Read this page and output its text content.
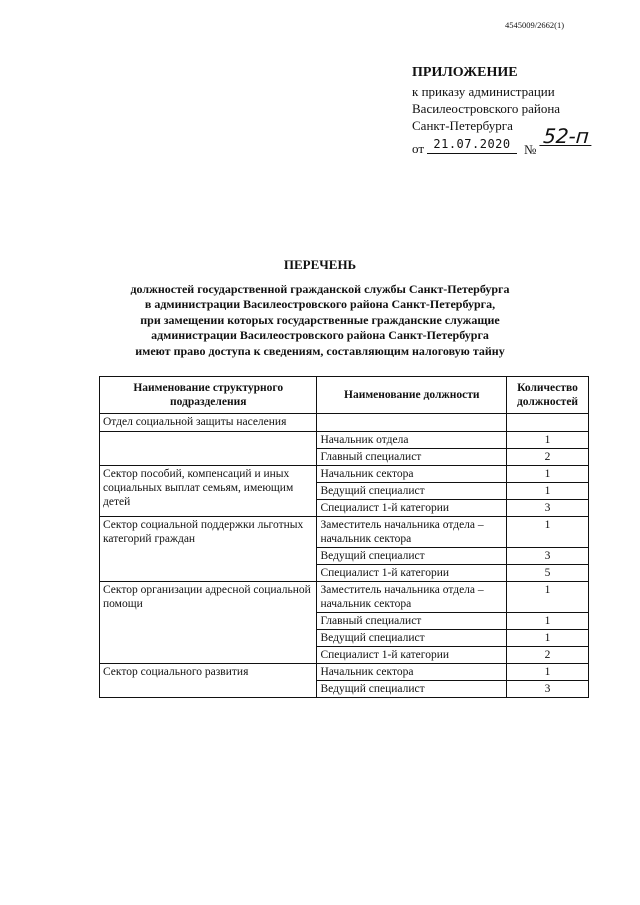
4545009/2662(1)
ПРИЛОЖЕНИЕ
к приказу администрации
Василеостровского района
Санкт-Петербурга
от 21.07.2020	№
52-п
ПЕРЕЧЕНЬ
должностей государственной гражданской службы Санкт-Петербурга
в администрации Василеостровского района Санкт-Петербурга,
при замещении которых государственные гражданские служащие
администрации Василеостровского района Санкт-Петербурга
имеют право доступа к сведениям, составляющим налоговую тайну
Наименование структурного подразделения	Наименование должности	Количество должностей
Отдел социальной защиты населения		
	Начальник отдела	1
	Главный специалист	2
Сектор пособий, компенсаций и иных социальных выплат семьям, имеющим детей	Начальник сектора	1
	Ведущий специалист	1
	Специалист 1-й категории	3
Сектор социальной поддержки льготных категорий граждан	Заместитель начальника отдела – начальник сектора	1
	Ведущий специалист	3
	Специалист 1-й категории	5
Сектор организации адресной социальной помощи	Заместитель начальника отдела – начальник сектора	1
	Главный специалист	1
	Ведущий специалист	1
	Специалист 1-й категории	2
Сектор социального развития	Начальник сектора	1
	Ведущий специалист	3
